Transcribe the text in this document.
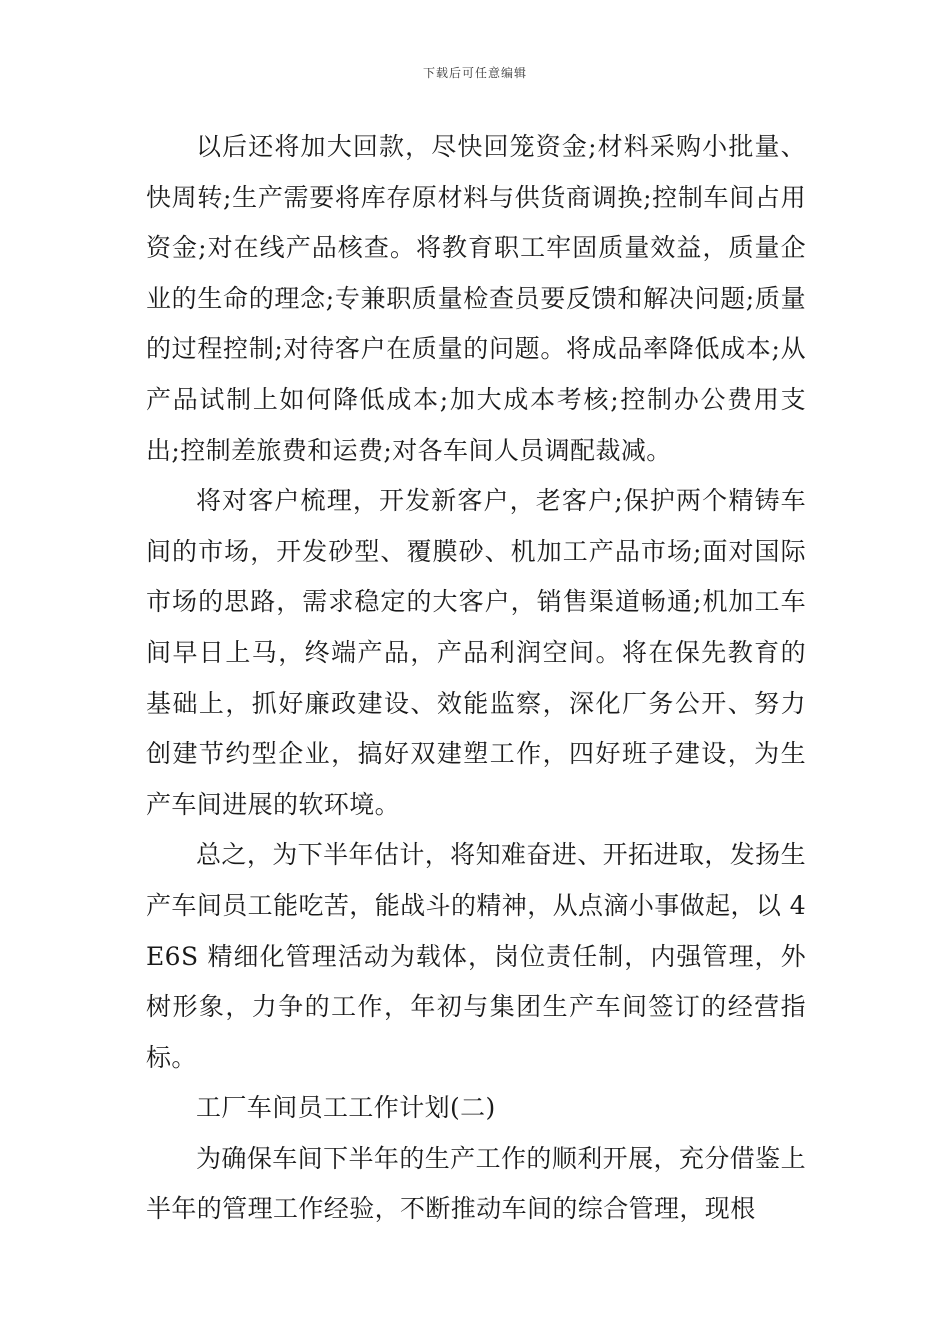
下载后可任意编辑

以后还将加大回款，尽快回笼资金;材料采购小批量、快周转;生产需要将库存原材料与供货商调换;控制车间占用资金;对在线产品核查。将教育职工牢固质量效益，质量企业的生命的理念;专兼职质量检查员要反馈和解决问题;质量的过程控制;对待客户在质量的问题。将成品率降低成本;从产品试制上如何降低成本;加大成本考核;控制办公费用支出;控制差旅费和运费;对各车间人员调配裁减。

将对客户梳理，开发新客户，老客户;保护两个精铸车间的市场，开发砂型、覆膜砂、机加工产品市场;面对国际市场的思路，需求稳定的大客户，销售渠道畅通;机加工车间早日上马，终端产品，产品利润空间。将在保先教育的基础上，抓好廉政建设、效能监察，深化厂务公开、努力创建节约型企业，搞好双建塑工作，四好班子建设，为生产车间进展的软环境。

总之，为下半年估计，将知难奋进、开拓进取，发扬生产车间员工能吃苦，能战斗的精神，从点滴小事做起，以 4E6S 精细化管理活动为载体，岗位责任制，内强管理，外树形象，力争的工作，年初与集团生产车间签订的经营指标。

工厂车间员工工作计划(二)

为确保车间下半年的生产工作的顺利开展，充分借鉴上半年的管理工作经验，不断推动车间的综合管理，现根
